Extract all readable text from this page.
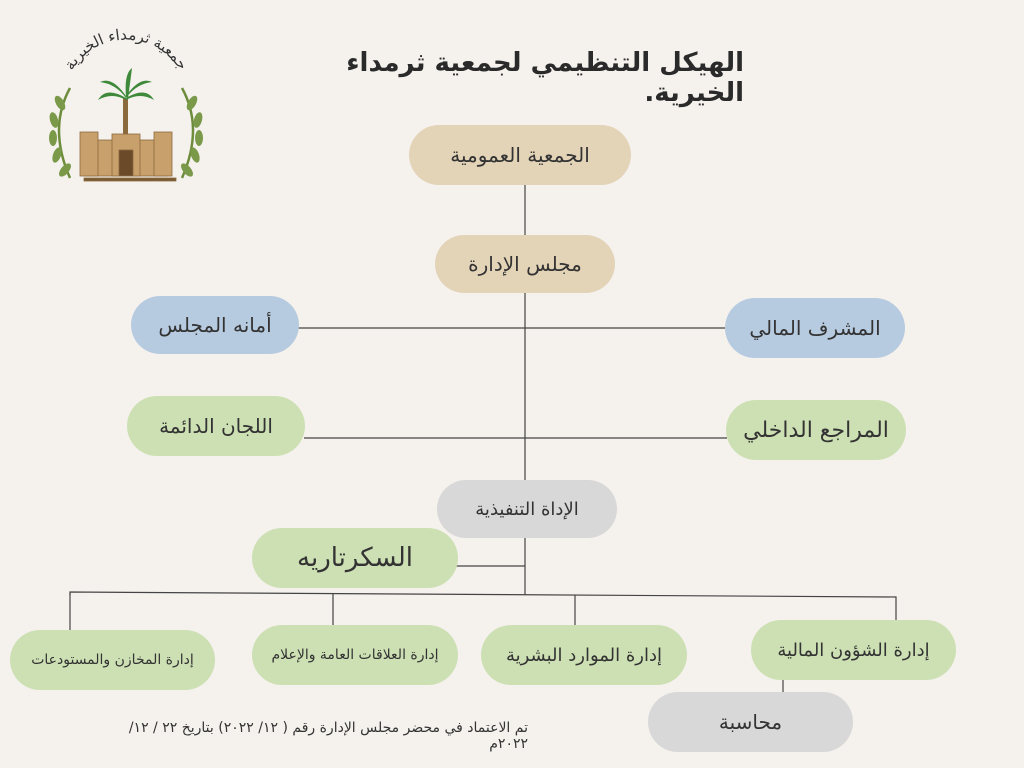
جمعية ثرمداء الخيرية	الهيكل التنظيمي لجمعية ثرمداء الخيرية.
الجمعية العمومية
مجلس الإدارة
أمانه المجلس	المشرف المالي
اللجان الدائمة	المراجع الداخلي
الإداة التنفيذية
السكرتاريه
إدارة المخازن والمستودعات	إدارة العلاقات العامة والإعلام	إدارة الموارد البشرية	إدارة الشؤون المالية
محاسبة
تم الاعتماد في محضر مجلس الإدارة رقم ( ١٢/ ٢٠٢٢) بتاريخ ٢٢ / ١٢/ ٢٠٢٢م
